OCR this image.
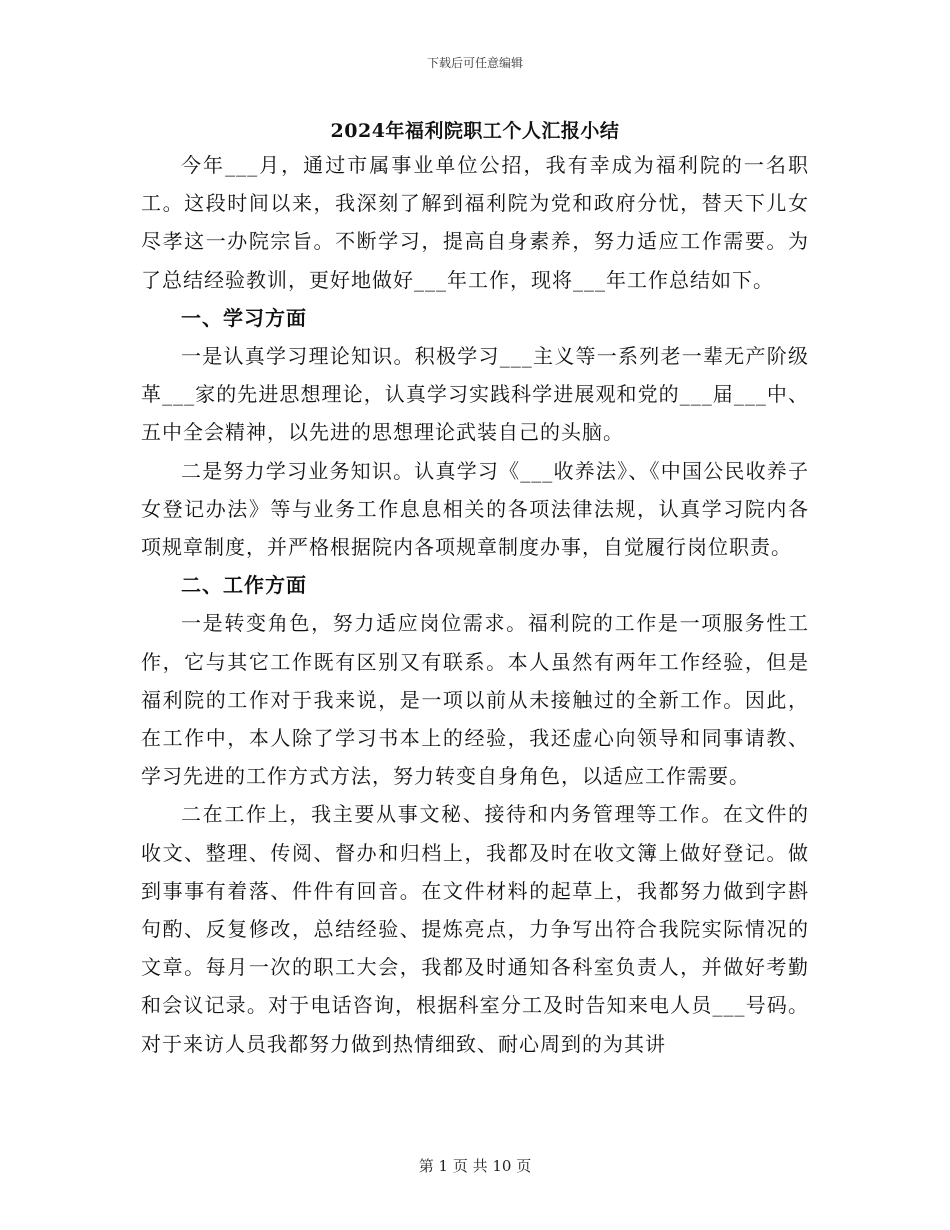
下载后可任意编辑
2024年福利院职工个人汇报小结

今年___月，通过市属事业单位公招，我有幸成为福利院的一名职工。这段时间以来，我深刻了解到福利院为党和政府分忧，替天下儿女尽孝这一办院宗旨。不断学习，提高自身素养，努力适应工作需要。为了总结经验教训，更好地做好___年工作，现将___年工作总结如下。

一、学习方面

一是认真学习理论知识。积极学习___主义等一系列老一辈无产阶级革___家的先进思想理论，认真学习实践科学进展观和党的___届___中、五中全会精神，以先进的思想理论武装自己的头脑。

二是努力学习业务知识。认真学习《___收养法》、《中国公民收养子女登记办法》等与业务工作息息相关的各项法律法规，认真学习院内各项规章制度，并严格根据院内各项规章制度办事，自觉履行岗位职责。

二、工作方面

一是转变角色，努力适应岗位需求。福利院的工作是一项服务性工作，它与其它工作既有区别又有联系。本人虽然有两年工作经验，但是福利院的工作对于我来说，是一项以前从未接触过的全新工作。因此，在工作中，本人除了学习书本上的经验，我还虚心向领导和同事请教、学习先进的工作方式方法，努力转变自身角色，以适应工作需要。

二在工作上，我主要从事文秘、接待和内务管理等工作。在文件的收文、整理、传阅、督办和归档上，我都及时在收文簿上做好登记。做到事事有着落、件件有回音。在文件材料的起草上，我都努力做到字斟句酌、反复修改，总结经验、提炼亮点，力争写出符合我院实际情况的文章。每月一次的职工大会，我都及时通知各科室负责人，并做好考勤和会议记录。对于电话咨询，根据科室分工及时告知来电人员___号码。对于来访人员我都努力做到热情细致、耐心周到的为其讲

第 1 页 共 10 页
